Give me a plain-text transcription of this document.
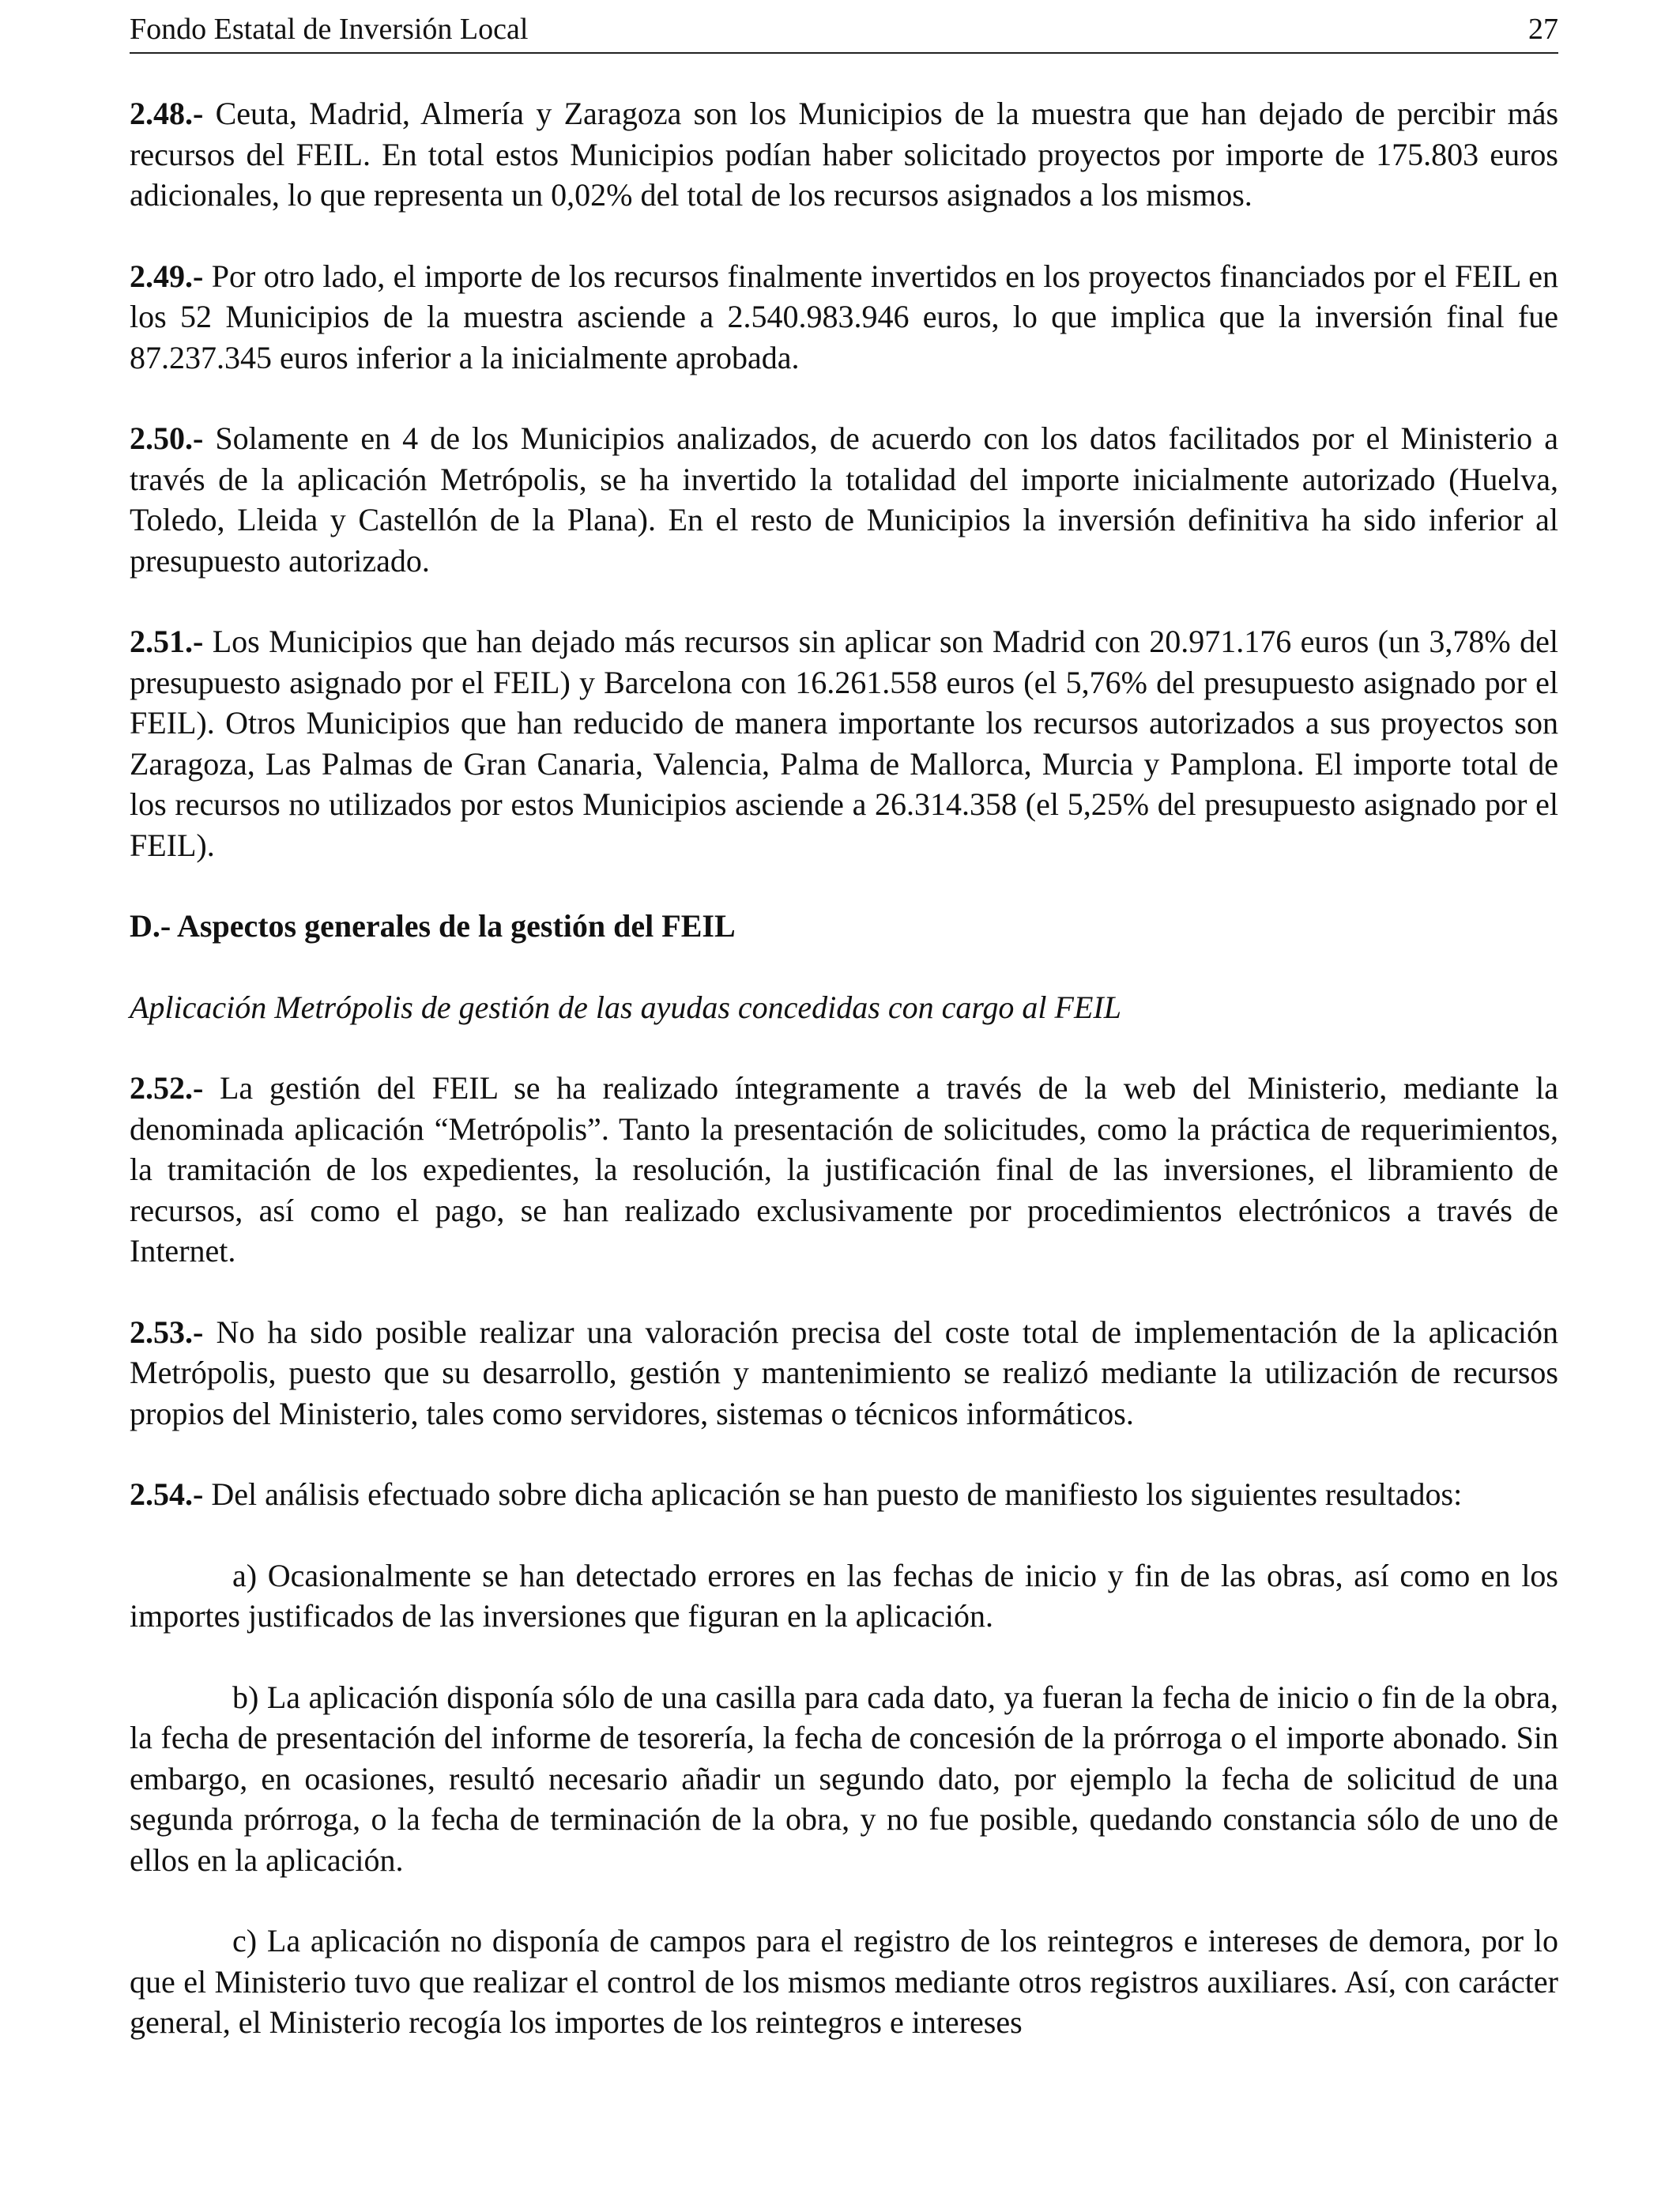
Fondo Estatal de Inversión Local	27

2.48.- Ceuta, Madrid, Almería y Zaragoza son los Municipios de la muestra que han dejado de percibir más recursos del FEIL. En total estos Municipios podían haber solicitado proyectos por importe de 175.803 euros adicionales, lo que representa un 0,02% del total de los recursos asignados a los mismos.

2.49.- Por otro lado, el importe de los recursos finalmente invertidos en los proyectos financiados por el FEIL en los 52 Municipios de la muestra asciende a 2.540.983.946 euros, lo que implica que la inversión final fue 87.237.345 euros inferior a la inicialmente aprobada.

2.50.- Solamente en 4 de los Municipios analizados, de acuerdo con los datos facilitados por el Ministerio a través de la aplicación Metrópolis, se ha invertido la totalidad del importe inicialmente autorizado (Huelva, Toledo, Lleida y Castellón de la Plana). En el resto de Municipios la inversión definitiva ha sido inferior al presupuesto autorizado.

2.51.- Los Municipios que han dejado más recursos sin aplicar son Madrid con 20.971.176 euros (un 3,78% del presupuesto asignado por el FEIL) y Barcelona con 16.261.558 euros (el 5,76% del presupuesto asignado por el FEIL). Otros Municipios que han reducido de manera importante los recursos autorizados a sus proyectos son Zaragoza, Las Palmas de Gran Canaria, Valencia, Palma de Mallorca, Murcia y Pamplona. El importe total de los recursos no utilizados por estos Municipios asciende a 26.314.358 (el 5,25% del presupuesto asignado por el FEIL).

D.- Aspectos generales de la gestión del FEIL

Aplicación Metrópolis de gestión de las ayudas concedidas con cargo al FEIL

2.52.- La gestión del FEIL se ha realizado íntegramente a través de la web del Ministerio, mediante la denominada aplicación “Metrópolis”. Tanto la presentación de solicitudes, como la práctica de requerimientos, la tramitación de los expedientes, la resolución, la justificación final de las inversiones, el libramiento de recursos, así como el pago, se han realizado exclusivamente por procedimientos electrónicos a través de Internet.

2.53.- No ha sido posible realizar una valoración precisa del coste total de implementación de la aplicación Metrópolis, puesto que su desarrollo, gestión y mantenimiento se realizó mediante la utilización de recursos propios del Ministerio, tales como servidores, sistemas o técnicos informáticos.

2.54.- Del análisis efectuado sobre dicha aplicación se han puesto de manifiesto los siguientes resultados:

a) Ocasionalmente se han detectado errores en las fechas de inicio y fin de las obras, así como en los importes justificados de las inversiones que figuran en la aplicación.

b) La aplicación disponía sólo de una casilla para cada dato, ya fueran la fecha de inicio o fin de la obra, la fecha de presentación del informe de tesorería, la fecha de concesión de la prórroga o el importe abonado. Sin embargo, en ocasiones, resultó necesario añadir un segundo dato, por ejemplo la fecha de solicitud de una segunda prórroga, o la fecha de terminación de la obra, y no fue posible, quedando constancia sólo de uno de ellos en la aplicación.

c) La aplicación no disponía de campos para el registro de los reintegros e intereses de demora, por lo que el Ministerio tuvo que realizar el control de los mismos mediante otros registros auxiliares. Así, con carácter general, el Ministerio recogía los importes de los reintegros e intereses
